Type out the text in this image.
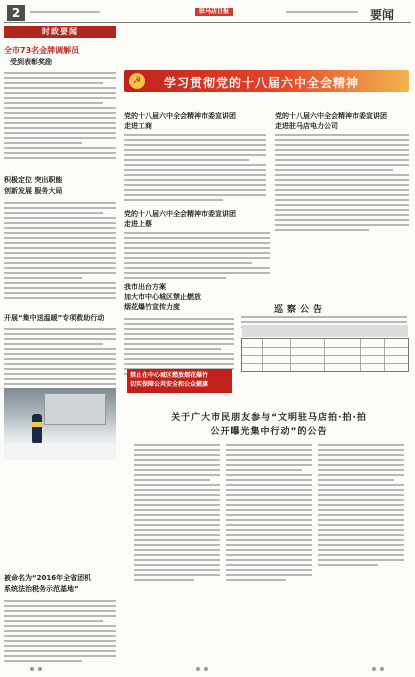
2	驻马店日报	要闻
时政要闻
全市73名金牌调解员
受到表彰奖励
积极定位 突出职能
创新发展 服务大局
开展“集中送温暖”专项救助行动
被命名为“2016年全省团机
系统法治税务示范基地”
☭	学习贯彻党的十八届六中全会精神
党的十八届六中全会精神市委宣讲团
走进工商
党的十八届六中全会精神市委宣讲团
走进驻马店电力公司
党的十八届六中全会精神市委宣讲团
走进上蔡
我市出台方案
加大市中心城区禁止燃放
烟花爆竹宣传力度	巡察公告
禁止在中心城区燃放烟花爆竹
切实保障公共安全和公众健康
关于广大市民朋友参与“文明驻马店拍·拍·拍
公开曝光集中行动”的公告
